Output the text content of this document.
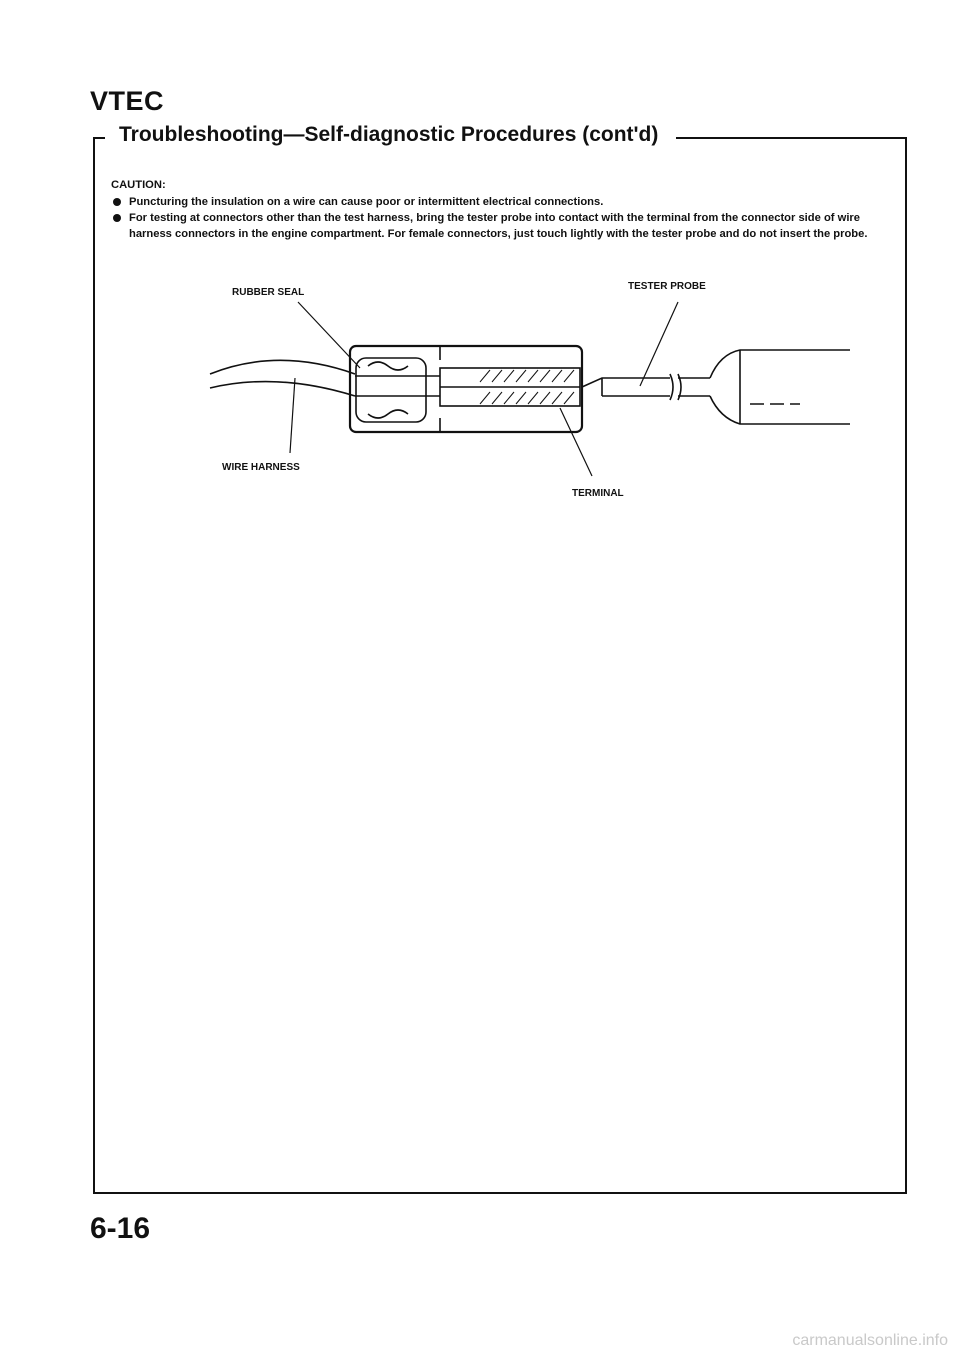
VTEC
Troubleshooting—Self-diagnostic Procedures (cont'd)

CAUTION:

Puncturing the insulation on a wire can cause poor or intermittent electrical connections.
For testing at connectors other than the test harness, bring the tester probe into contact with the terminal from the connector side of wire harness connectors in the engine compartment. For female connectors, just touch lightly with the tester probe and do not insert the probe.
RUBBER SEAL
TESTER PROBE
WIRE HARNESS
TERMINAL

6-16

carmanualsonline.info
